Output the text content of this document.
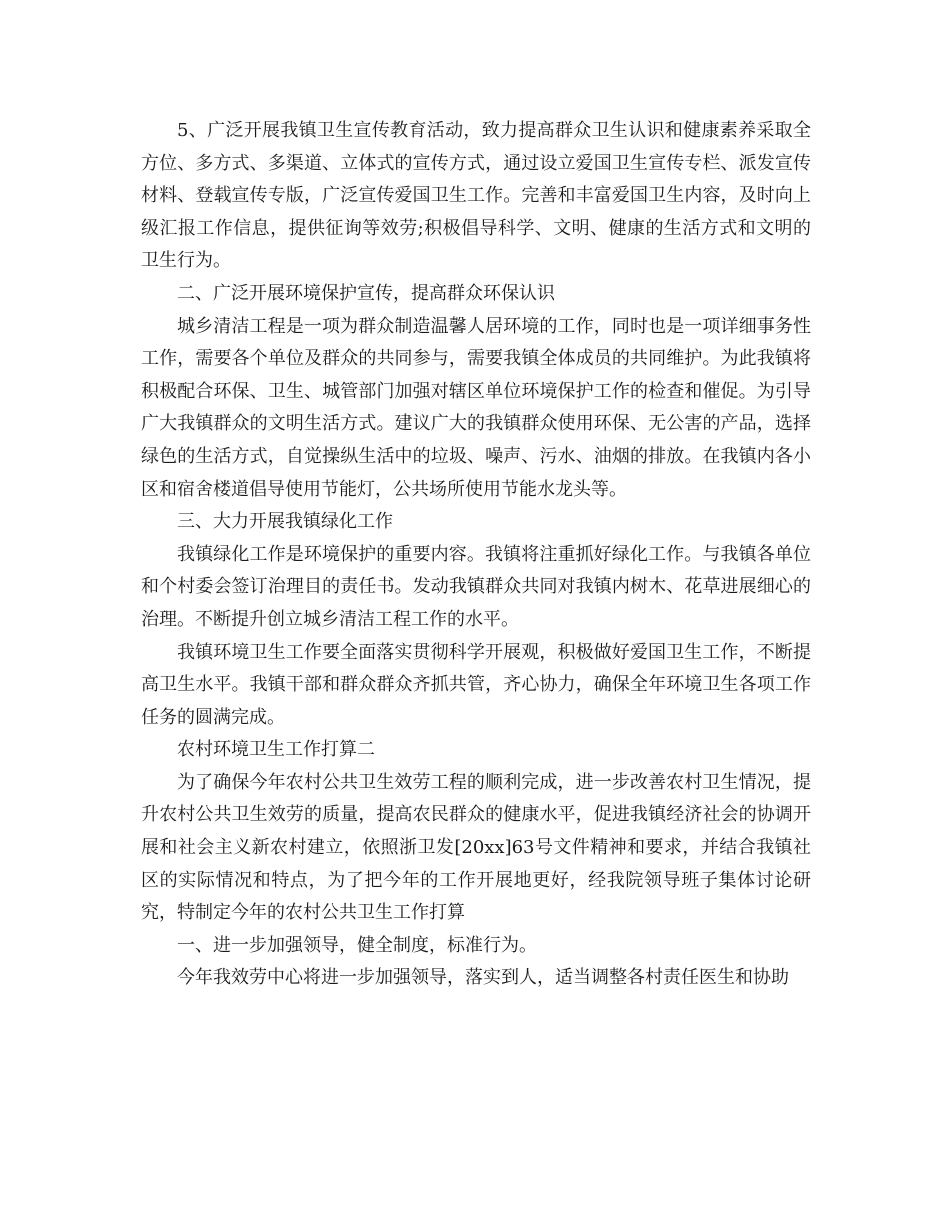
5、广泛开展我镇卫生宣传教育活动，致力提高群众卫生认识和健康素养采取全方位、多方式、多渠道、立体式的宣传方式，通过设立爱国卫生宣传专栏、派发宣传材料、登载宣传专版，广泛宣传爱国卫生工作。完善和丰富爱国卫生内容，及时向上级汇报工作信息，提供征询等效劳;积极倡导科学、文明、健康的生活方式和文明的卫生行为。

二、广泛开展环境保护宣传，提高群众环保认识

城乡清洁工程是一项为群众制造温馨人居环境的工作，同时也是一项详细事务性工作，需要各个单位及群众的共同参与，需要我镇全体成员的共同维护。为此我镇将积极配合环保、卫生、城管部门加强对辖区单位环境保护工作的检查和催促。为引导广大我镇群众的文明生活方式。建议广大的我镇群众使用环保、无公害的产品，选择绿色的生活方式，自觉操纵生活中的垃圾、噪声、污水、油烟的排放。在我镇内各小区和宿舍楼道倡导使用节能灯，公共场所使用节能水龙头等。

三、大力开展我镇绿化工作

我镇绿化工作是环境保护的重要内容。我镇将注重抓好绿化工作。与我镇各单位和个村委会签订治理目的责任书。发动我镇群众共同对我镇内树木、花草进展细心的治理。不断提升创立城乡清洁工程工作的水平。

我镇环境卫生工作要全面落实贯彻科学开展观，积极做好爱国卫生工作，不断提高卫生水平。我镇干部和群众群众齐抓共管，齐心协力，确保全年环境卫生各项工作任务的圆满完成。

农村环境卫生工作打算二

为了确保今年农村公共卫生效劳工程的顺利完成，进一步改善农村卫生情况，提升农村公共卫生效劳的质量，提高农民群众的健康水平，促进我镇经济社会的协调开展和社会主义新农村建立，依照浙卫发[20xx]63号文件精神和要求，并结合我镇社区的实际情况和特点，为了把今年的工作开展地更好，经我院领导班子集体讨论研究，特制定今年的农村公共卫生工作打算

一、进一步加强领导，健全制度，标准行为。

今年我效劳中心将进一步加强领导，落实到人，适当调整各村责任医生和协助
